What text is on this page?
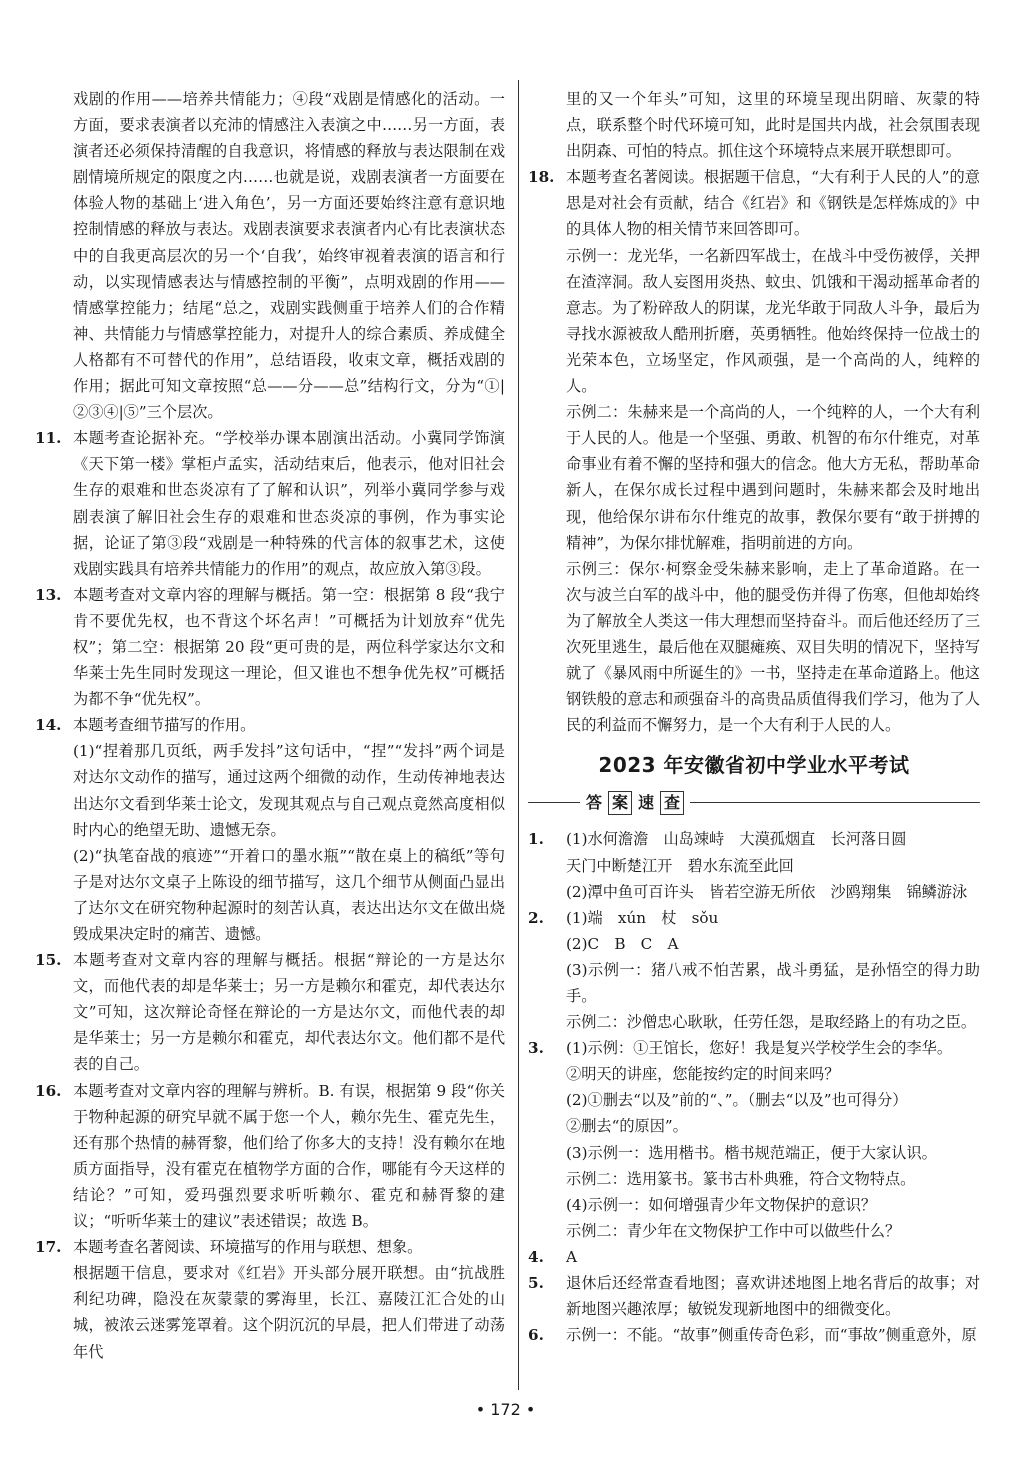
戏剧的作用——培养共情能力；④段“戏剧是情感化的活动。一方面，要求表演者以充沛的情感注入表演之中……另一方面，表演者还必须保持清醒的自我意识，将情感的释放与表达限制在戏剧情境所规定的限度之内……也就是说，戏剧表演者一方面要在体验人物的基础上‘进入角色’，另一方面还要始终注意有意识地控制情感的释放与表达。戏剧表演要求表演者内心有比表演状态中的自我更高层次的另一个‘自我’，始终审视着表演的语言和行动，以实现情感表达与情感控制的平衡”，点明戏剧的作用——情感掌控能力；结尾“总之，戏剧实践侧重于培养人们的合作精神、共情能力与情感掌控能力，对提升人的综合素质、养成健全人格都有不可替代的作用”，总结语段，收束文章，概括戏剧的作用；据此可知文章按照“总——分——总”结构行文，分为“①|②③④|⑤”三个层次。

11. 本题考查论据补充。“学校举办课本剧演出活动。小冀同学饰演《天下第一楼》掌柜卢孟实，活动结束后，他表示，他对旧社会生存的艰难和世态炎凉有了了解和认识”，列举小冀同学参与戏剧表演了解旧社会生存的艰难和世态炎凉的事例，作为事实论据，论证了第③段“戏剧是一种特殊的代言体的叙事艺术，这使戏剧实践具有培养共情能力的作用”的观点，故应放入第③段。

13. 本题考查对文章内容的理解与概括。第一空：根据第 8 段“我宁肯不要优先权，也不背这个坏名声！”可概括为计划放弃“优先权”；第二空：根据第 20 段“更可贵的是，两位科学家达尔文和华莱士先生同时发现这一理论，但又谁也不想争优先权”可概括为都不争“优先权”。

14. 本题考查细节描写的作用。

(1)“捏着那几页纸，两手发抖”这句话中，“捏”“发抖”两个词是对达尔文动作的描写，通过这两个细微的动作，生动传神地表达出达尔文看到华莱士论文，发现其观点与自己观点竟然高度相似时内心的绝望无助、遗憾无奈。

(2)“执笔奋战的痕迹”“开着口的墨水瓶”“散在桌上的稿纸”等句子是对达尔文桌子上陈设的细节描写，这几个细节从侧面凸显出了达尔文在研究物种起源时的刻苦认真，表达出达尔文在做出烧毁成果决定时的痛苦、遗憾。

15. 本题考查对文章内容的理解与概括。根据“辩论的一方是达尔文，而他代表的却是华莱士；另一方是赖尔和霍克，却代表达尔文”可知，这次辩论奇怪在辩论的一方是达尔文，而他代表的却是华莱士；另一方是赖尔和霍克，却代表达尔文。他们都不是代表的自己。

16. 本题考查对文章内容的理解与辨析。B. 有误，根据第 9 段“你关于物种起源的研究早就不属于您一个人，赖尔先生、霍克先生，还有那个热情的赫胥黎，他们给了你多大的支持！没有赖尔在地质方面指导，没有霍克在植物学方面的合作，哪能有今天这样的结论？”可知，爱玛强烈要求听听赖尔、霍克和赫胥黎的建议；“听听华莱士的建议”表述错误；故选 B。

17. 本题考查名著阅读、环境描写的作用与联想、想象。

根据题干信息，要求对《红岩》开头部分展开联想。由“抗战胜利纪功碑，隐没在灰蒙蒙的雾海里，长江、嘉陵江汇合处的山城，被浓云迷雾笼罩着。这个阴沉沉的早晨，把人们带进了动荡年代

里的又一个年头”可知，这里的环境呈现出阴暗、灰蒙的特点，联系整个时代环境可知，此时是国共内战，社会氛围表现出阴森、可怕的特点。抓住这个环境特点来展开联想即可。

18. 本题考查名著阅读。根据题干信息，“大有利于人民的人”的意思是对社会有贡献，结合《红岩》和《钢铁是怎样炼成的》中的具体人物的相关情节来回答即可。

示例一：龙光华，一名新四军战士，在战斗中受伤被俘，关押在渣滓洞。敌人妄图用炎热、蚊虫、饥饿和干渴动摇革命者的意志。为了粉碎敌人的阴谋，龙光华敢于同敌人斗争，最后为寻找水源被敌人酷刑折磨，英勇牺牲。他始终保持一位战士的光荣本色，立场坚定，作风顽强，是一个高尚的人，纯粹的人。

示例二：朱赫来是一个高尚的人，一个纯粹的人，一个大有利于人民的人。他是一个坚强、勇敢、机智的布尔什维克，对革命事业有着不懈的坚持和强大的信念。他大方无私，帮助革命新人，在保尔成长过程中遇到问题时，朱赫来都会及时地出现，他给保尔讲布尔什维克的故事，教保尔要有“敢于拼搏的精神”，为保尔排忧解难，指明前进的方向。

示例三：保尔·柯察金受朱赫来影响，走上了革命道路。在一次与波兰白军的战斗中，他的腿受伤并得了伤寒，但他却始终为了解放全人类这一伟大理想而坚持奋斗。而后他还经历了三次死里逃生，最后他在双腿瘫痪、双目失明的情况下，坚持写就了《暴风雨中所诞生的》一书，坚持走在革命道路上。他这钢铁般的意志和顽强奋斗的高贵品质值得我们学习，他为了人民的利益而不懈努力，是一个大有利于人民的人。

2023 年安徽省初中学业水平考试
答 案 速 查

1. (1)水何澹澹　山岛竦峙　大漠孤烟直　长河落日圆

天门中断楚江开　碧水东流至此回

(2)潭中鱼可百许头　皆若空游无所依　沙鸥翔集　锦鳞游泳

2. (1)端　xún　杖　sǒu

(2)C　B　C　A

(3)示例一：猪八戒不怕苦累，战斗勇猛，是孙悟空的得力助手。

示例二：沙僧忠心耿耿，任劳任怨，是取经路上的有功之臣。

3. (1)示例：①王馆长，您好！我是复兴学校学生会的李华。

②明天的讲座，您能按约定的时间来吗？

(2)①删去“以及”前的“、”。（删去“以及”也可得分）

②删去“的原因”。

(3)示例一：选用楷书。楷书规范端正，便于大家认识。

示例二：选用篆书。篆书古朴典雅，符合文物特点。

(4)示例一：如何增强青少年文物保护的意识？

示例二：青少年在文物保护工作中可以做些什么？

4. A

5. 退休后还经常查看地图；喜欢讲述地图上地名背后的故事；对新地图兴趣浓厚；敏锐发现新地图中的细微变化。

6. 示例一：不能。“故事”侧重传奇色彩，而“事故”侧重意外，原

• 172 •
